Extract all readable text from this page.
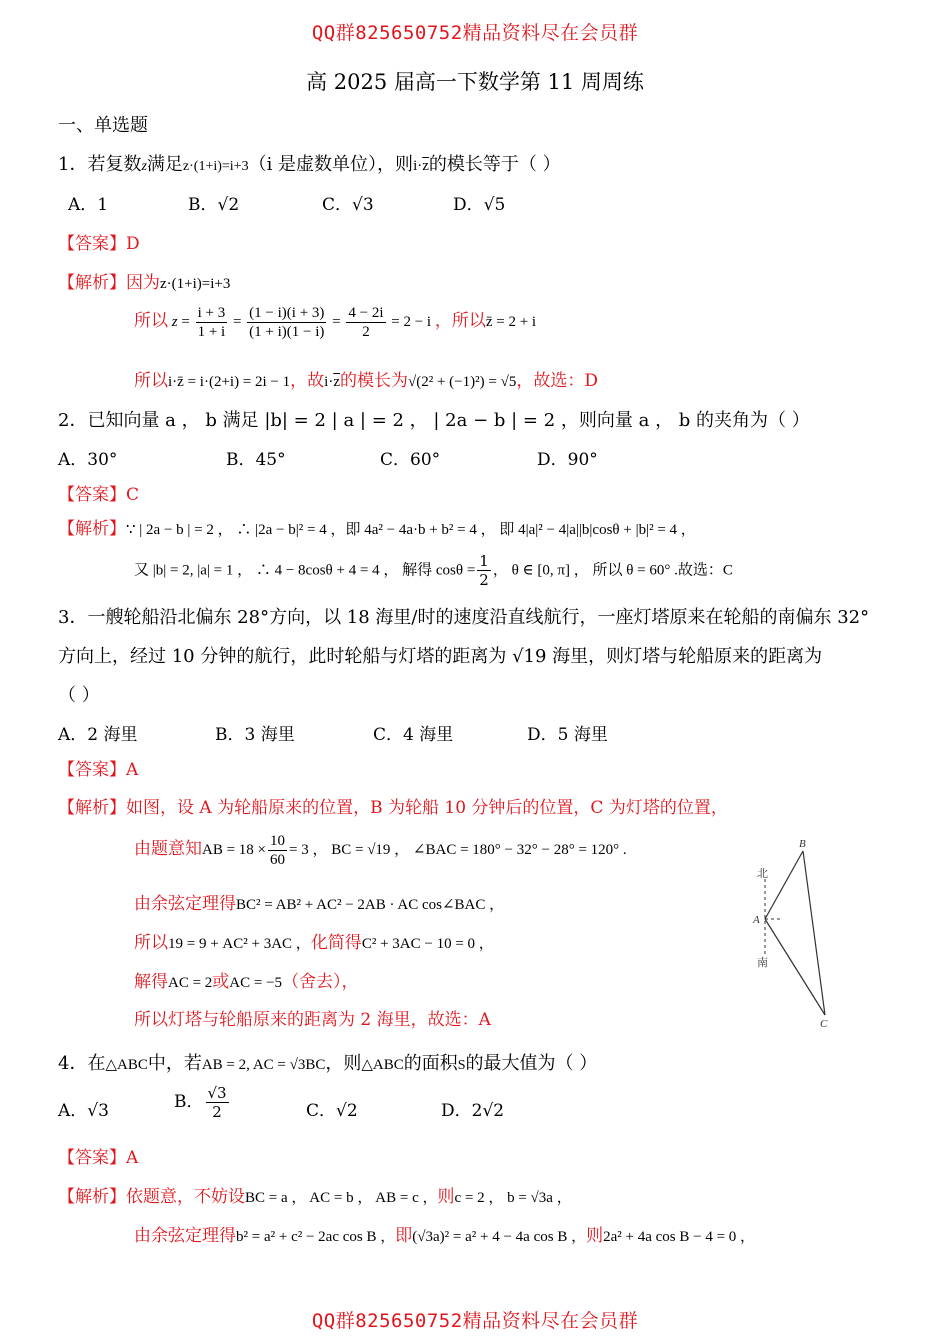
QQ群825650752精品资料尽在会员群
QQ群825650752精品资料尽在会员群
高 2025 届高一下数学第 11 周周练
一、单选题
1．若复数z满足z·(1+i)=i+3（i 是虚数单位），则$i\cdot\overline{z}$的模长等于（ ）
A．1	B．√2	C．√3	D．√5
【答案】D
【解析】因为z·(1+i)=i+3
所以 $z = \frac{i + 3}{1 + i} = \frac{(1 - i)(i + 3)}{(1 + i)(1 - i)} = \frac{4 - 2i}{2} = 2 - i$ ，所以z̄ = 2 + i
所以i·z̄ = i·(2+i) = 2i − 1，故$i\cdot\overline{z}$的模长为√(2² + (−1)²) = √5，故选：D
2．已知向量 a ， b 满足 |b| = 2 | a | = 2 ， | 2a − b | = 2 ，则向量 a ， b 的夹角为（ ）
A．30°	B．45°	C．60°	D．90°
【答案】C
【解析】∵ | 2a − b | = 2 ， ∴ |2a − b|² = 4 ，即 4a² − 4a·b + b² = 4 ， 即 4|a|² − 4|a||b|cosθ + |b|² = 4 ，
又 |b| = 2, |a| = 1 ， ∴ 4 − 8cosθ + 4 = 4 ， 解得 $\cos\theta = \frac{1}{2}$ ， θ ∈ [0, π] ， 所以 θ = 60° .故选：C
3．一艘轮船沿北偏东 28°方向，以 18 海里/时的速度沿直线航行，一座灯塔原来在轮船的南偏东 32°
方向上，经过 10 分钟的航行，此时轮船与灯塔的距离为 √19 海里，则灯塔与轮船原来的距离为
（ ）
A．2 海里	B．3 海里	C．4 海里	D．5 海里
【答案】A
【解析】如图，设 A 为轮船原来的位置，B 为轮船 10 分钟后的位置，C 为灯塔的位置，
由题意知AB = $18 \times \frac{10}{60} = 3$ ， BC = √19 ， ∠BAC = 180° − 32° − 28° = 120° .
由余弦定理得BC² = AB² + AC² − 2AB · AC cos∠BAC ，
所以19 = 9 + AC² + 3AC ，化简得C² + 3AC − 10 = 0 ，
解得AC = 2或AC = −5（舍去），
所以灯塔与轮船原来的距离为 2 海里，故选：A
北
南
A
B
C
4．在△ABC中，若AB = 2, AC = √3BC，则△ABC的面积S的最大值为（ ）
A．√3	B． $\frac{√3}{2}$	C．√2	D．2√2
【答案】A
【解析】依题意，不妨设BC = a ， AC = b ， AB = c ，则c = 2 ， b = √3a ，
由余弦定理得b² = a² + c² − 2ac cos B ，即(√3a)² = a² + 4 − 4a cos B ，则2a² + 4a cos B − 4 = 0 ，
